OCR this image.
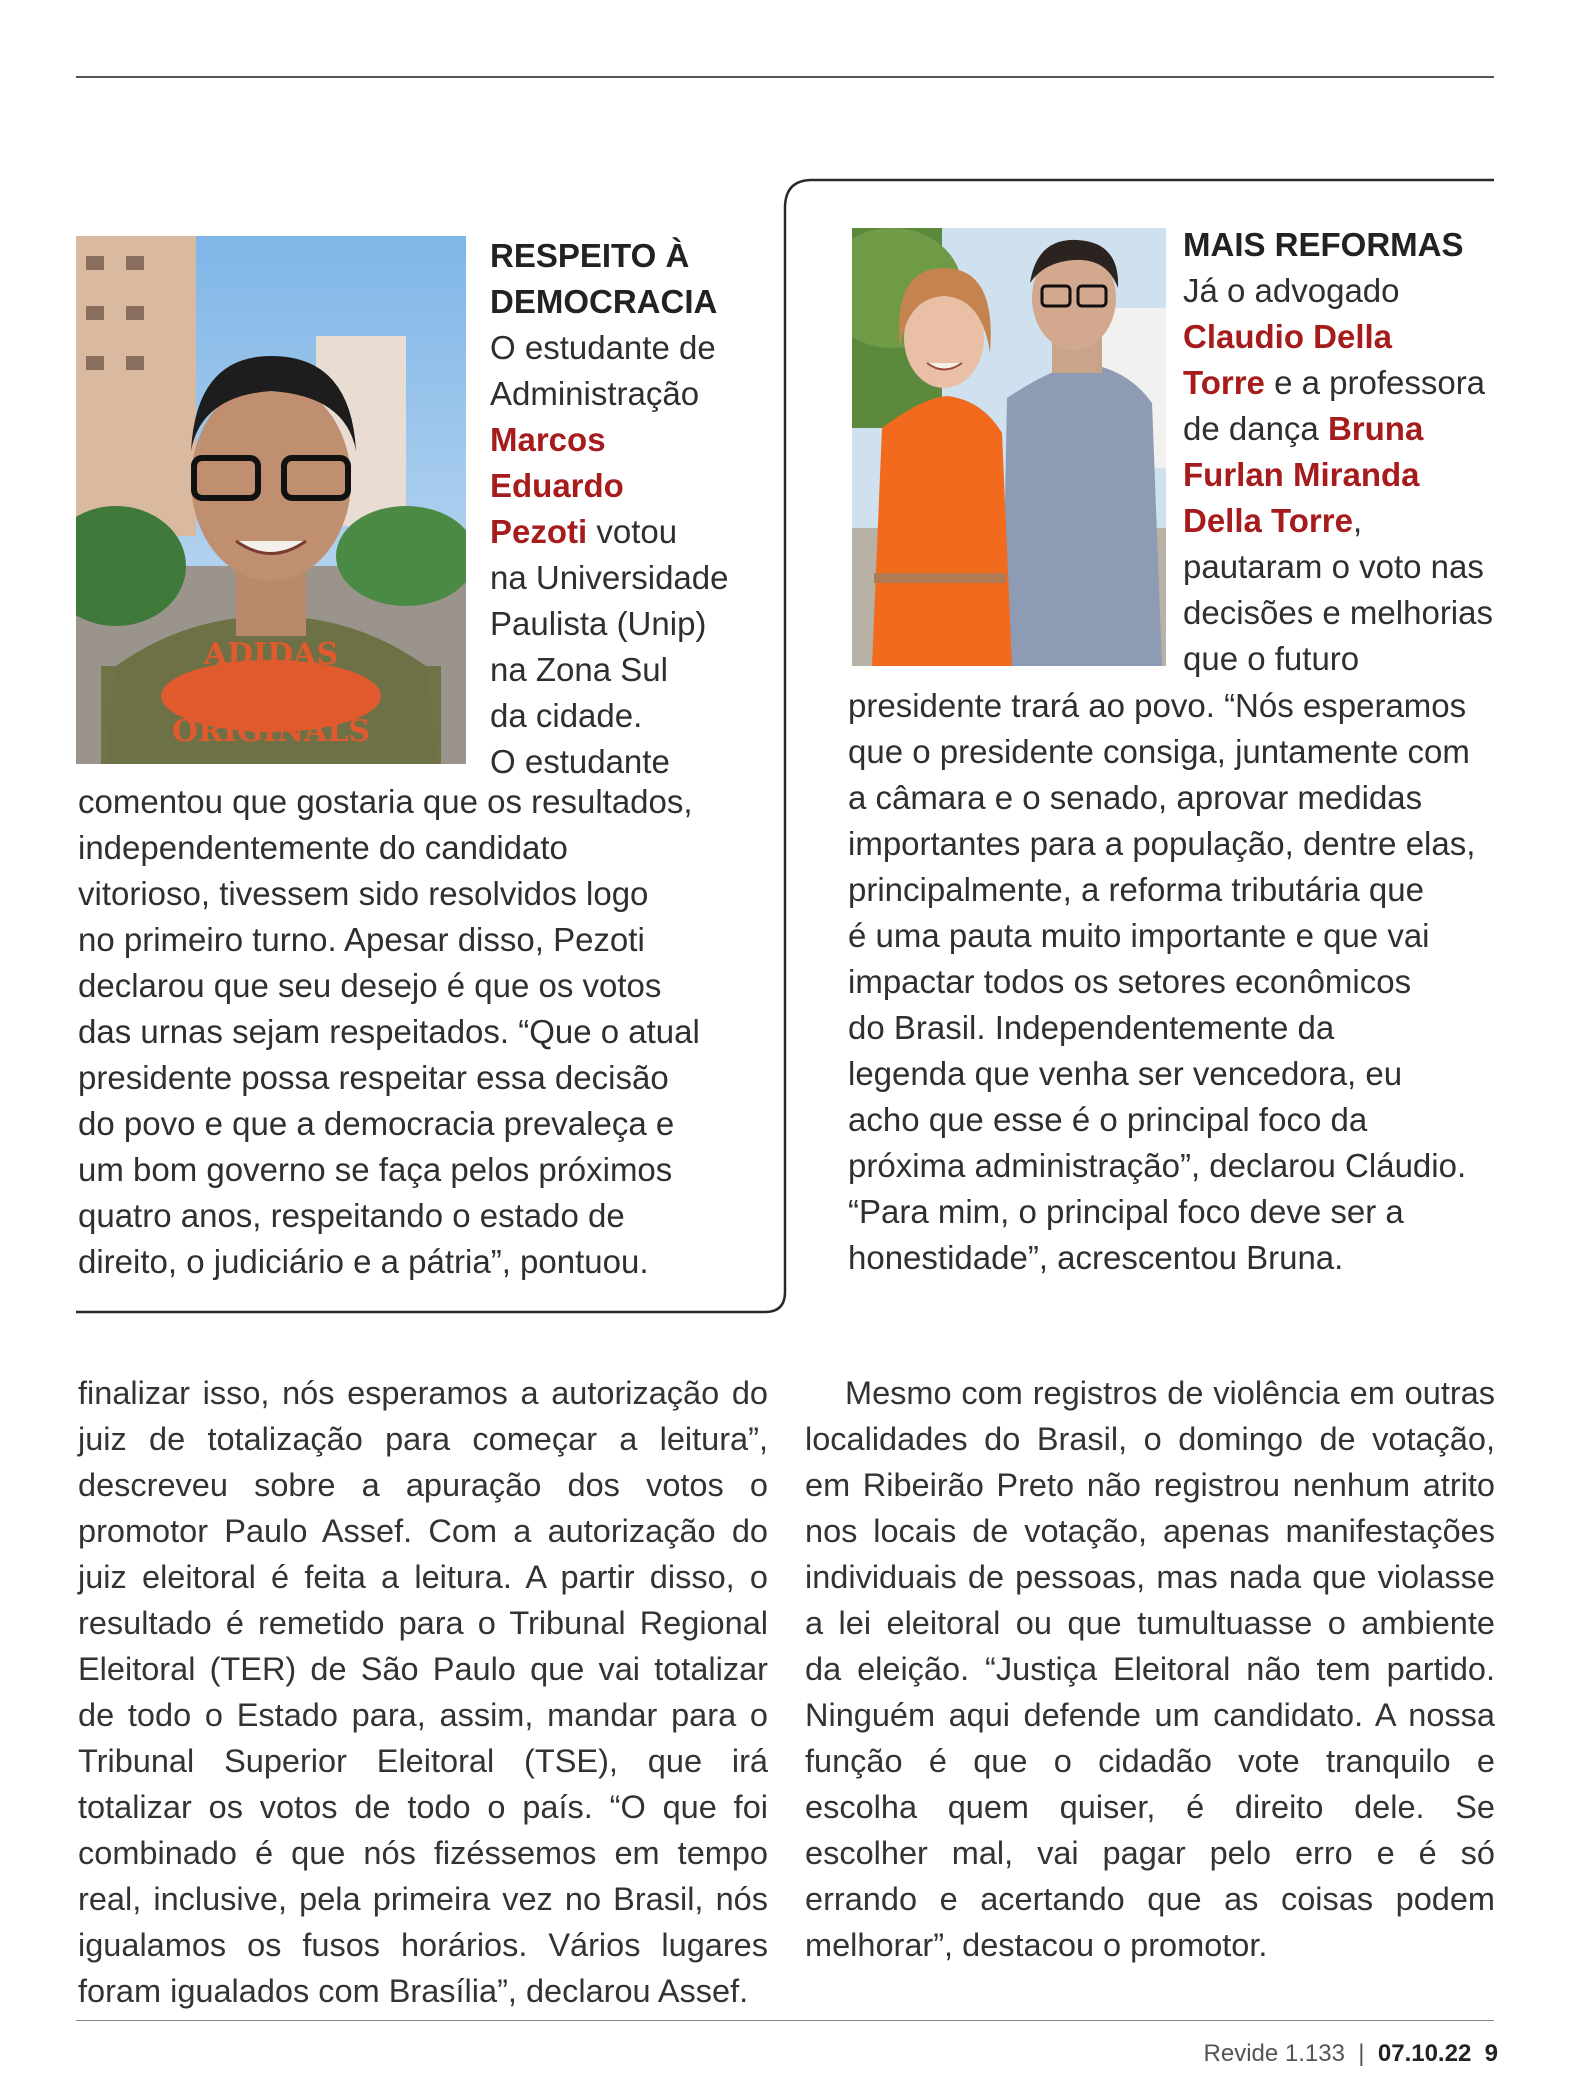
ADIDAS
ORIGINALS
RESPEITO À
DEMOCRACIA
O estudante de
Administração
Marcos
Eduardo
Pezoti votou
na Universidade
Paulista (Unip)
na Zona Sul
da cidade.
O estudante
comentou que gostaria que os resultados,
independentemente do candidato
vitorioso, tivessem sido resolvidos logo
no primeiro turno. Apesar disso, Pezoti
declarou que seu desejo é que os votos
das urnas sejam respeitados. “Que o atual
presidente possa respeitar essa decisão
do povo e que a democracia prevaleça e
um bom governo se faça pelos próximos
quatro anos, respeitando o estado de
direito, o judiciário e a pátria”, pontuou.
MAIS REFORMAS
Já o advogado
Claudio Della
Torre e a professora
de dança Bruna
Furlan Miranda
Della Torre,
pautaram o voto nas
decisões e melhorias
que o futuro
presidente trará ao povo. “Nós esperamos
que o presidente consiga, juntamente com
a câmara e o senado, aprovar medidas
importantes para a população, dentre elas,
principalmente, a reforma tributária que
é uma pauta muito importante e que vai
impactar todos os setores econômicos
do Brasil. Independentemente da
legenda que venha ser vencedora, eu
acho que esse é o principal foco da
próxima administração”, declarou Cláudio.
“Para mim, o principal foco deve ser a
honestidade”, acrescentou Bruna.

finalizar isso, nós esperamos a autorização do juiz de totalização para começar a leitura”, descreveu sobre a apuração dos votos o promotor Paulo Assef. Com a autorização do juiz eleitoral é feita a leitura. A partir disso, o resultado é remetido para o Tribunal Regional Eleitoral (TER) de São Paulo que vai totalizar de todo o Estado para, assim, mandar para o Tribunal Superior Eleitoral (TSE), que irá totalizar os votos de todo o país. “O que foi combinado é que nós fizéssemos em tempo real, inclusive, pela primeira vez no Brasil, nós igualamos os fusos horários. Vários lugares foram igualados com Brasília”, declarou Assef.

Mesmo com registros de violência em outras localidades do Brasil, o domingo de votação, em Ribeirão Preto não registrou nenhum atrito nos locais de votação, apenas manifestações individuais de pessoas, mas nada que violasse a lei eleitoral ou que tumultuasse o ambiente da eleição. “Justiça Eleitoral não tem partido. Ninguém aqui defende um candidato. A nossa função é que o cidadão vote tranquilo e escolha quem quiser, é direito dele. Se escolher mal, vai pagar pelo erro e é só errando e acertando que as coisas podem melhorar”, destacou o promotor.

Revide 1.133 | 07.10.22 9
